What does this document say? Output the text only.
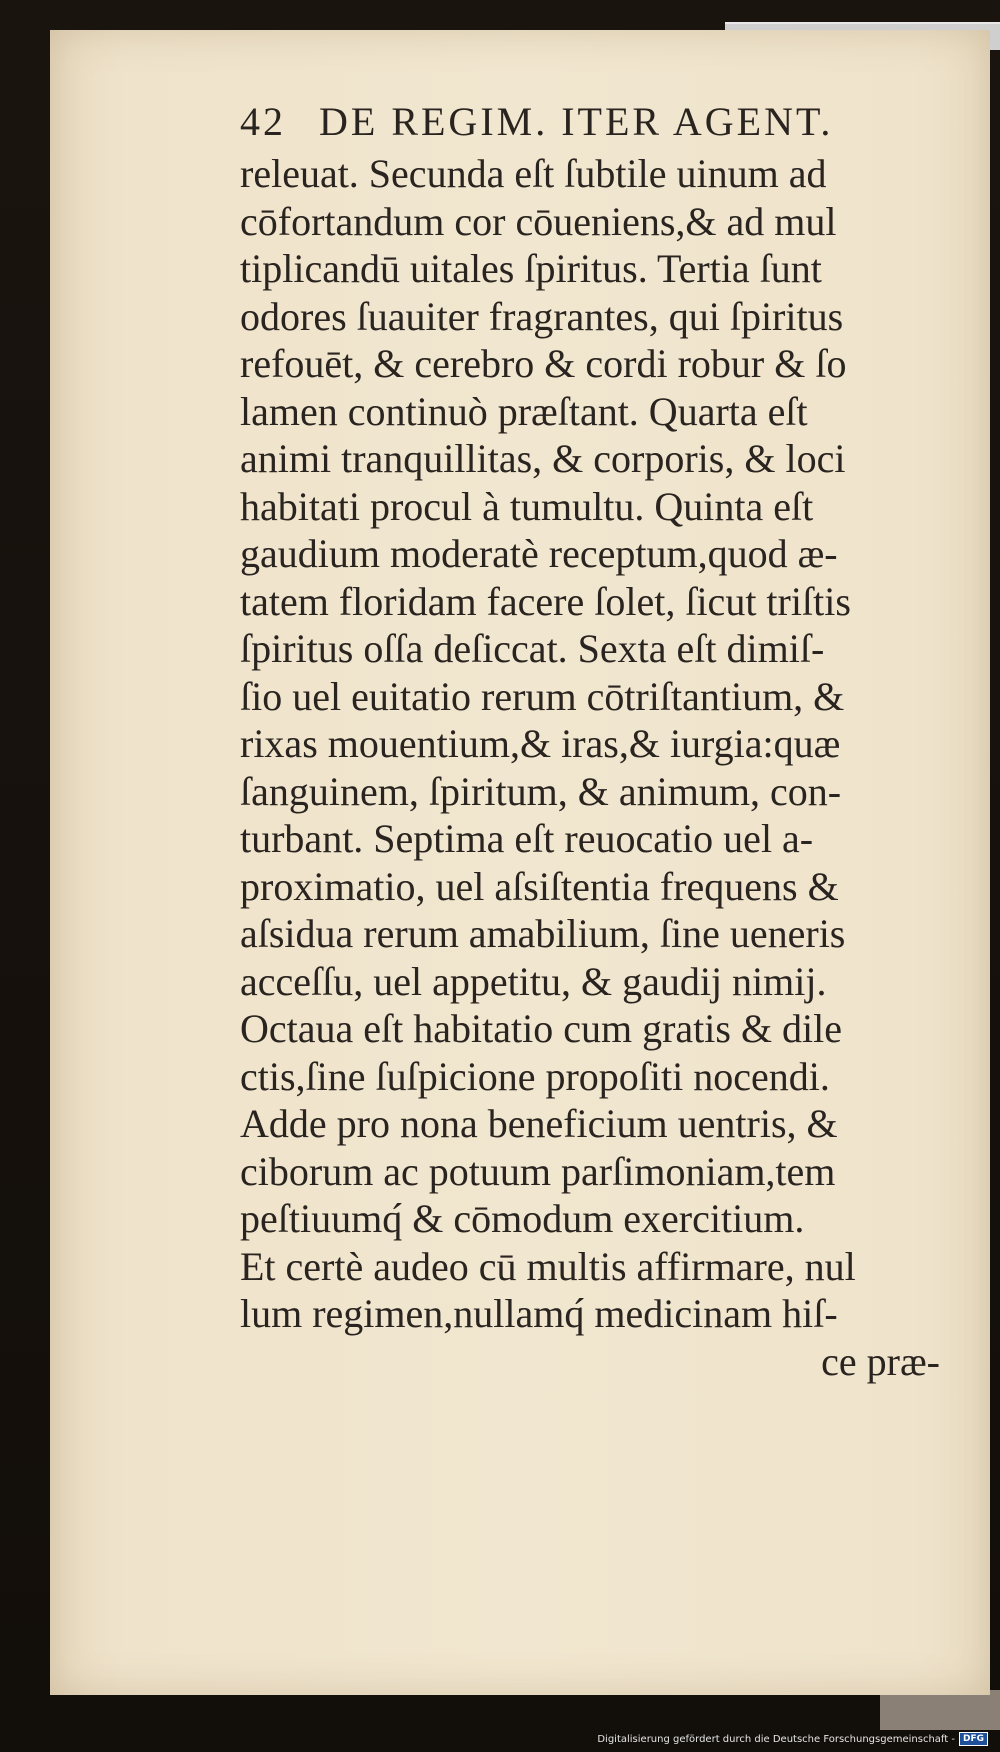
42 DE REGIM. ITER AGENT.
releuat. Secunda eſt ſubtile uinum ad
cōfortandum cor cōueniens,& ad mul
tiplicandū uitales ſpiritus. Tertia ſunt
odores ſuauiter fragrantes, qui ſpiritus
refouēt, & cerebro & cordi robur & ſo
lamen continuò præſtant. Quarta eſt
animi tranquillitas, & corporis, & loci
habitati procul à tumultu. Quinta eſt
gaudium moderatè receptum,quod æ-
tatem floridam facere ſolet, ſicut triſtis
ſpiritus oſſa deſiccat. Sexta eſt dimiſ-
ſio uel euitatio rerum cōtriſtantium, &
rixas mouentium,& iras,& iurgia:quæ
ſanguinem, ſpiritum, & animum, con-
turbant. Septima eſt reuocatio uel a-
proximatio, uel aſsiſtentia frequens &
aſsidua rerum amabilium, ſine ueneris
acceſſu, uel appetitu, & gaudij nimij.
Octaua eſt habitatio cum gratis & dile
ctis,ſine ſuſpicione propoſiti nocendi.
Adde pro nona beneficium uentris, &
ciborum ac potuum parſimoniam,tem
peſtiuumq́ & cōmodum exercitium.
Et certè audeo cū multis affirmare, nul
lum regimen,nullamq́ medicinam hiſ-
ce præ-
Digitalisierung gefördert durch die Deutsche Forschungsgemeinschaft - DFG
